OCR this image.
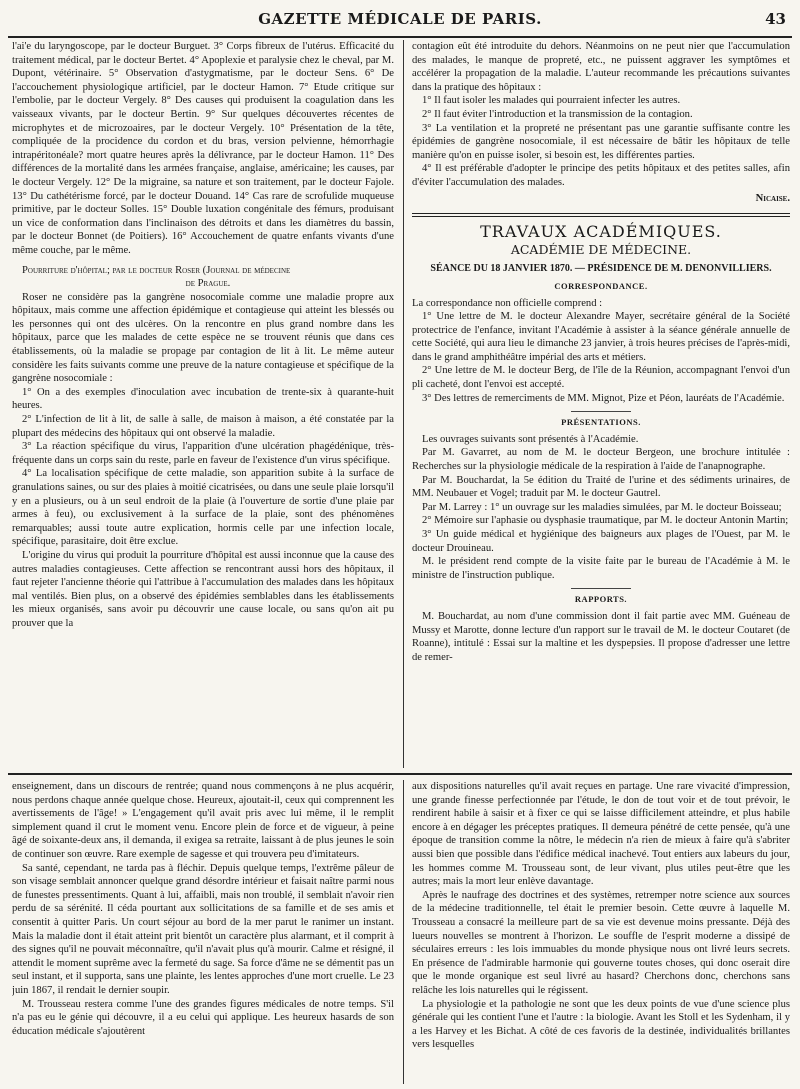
GAZETTE MÉDICALE DE PARIS.	43

l'ai'e du laryngoscope, par le docteur Burguet. 3° Corps fibreux de l'utérus. Efficacité du traitement médical, par le docteur Bertet. 4° Apoplexie et paralysie chez le cheval, par M. Dupont, vétérinaire. 5° Observation d'astygmatisme, par le docteur Sens. 6° De l'accouchement physiologique artificiel, par le docteur Hamon. 7° Etude critique sur l'embolie, par le docteur Vergely. 8° Des causes qui produisent la coagulation dans les vaisseaux vivants, par le docteur Bertin. 9° Sur quelques découvertes récentes de microphytes et de microzoaires, par le docteur Vergely. 10° Présentation de la tête, compliquée de la procidence du cordon et du bras, version pelvienne, hémorrhagie intrapéritonéale? mort quatre heures après la délivrance, par le docteur Hamon. 11° Des différences de la mortalité dans les armées française, anglaise, américaine; les causes, par le docteur Vergely. 12° De la migraine, sa nature et son traitement, par le docteur Fajole. 13° Du cathétérisme forcé, par le docteur Douand. 14° Cas rare de scrofulide muqueuse primitive, par le docteur Solles. 15° Double luxation congénitale des fémurs, produisant un vice de conformation dans l'inclinaison des détroits et dans les diamètres du bassin, par le docteur Bonnet (de Poitiers). 16° Accouchement de quatre enfants vivants d'une même couche, par le même.

Pourriture d'hôpital; par le docteur Roser (Journal de médecine
de Prague.

Roser ne considère pas la gangrène nosocomiale comme une maladie propre aux hôpitaux, mais comme une affection épidémique et contagieuse qui atteint les blessés ou les personnes qui ont des ulcères. On la rencontre en plus grand nombre dans les hôpitaux, parce que les malades de cette espèce ne se trouvent réunis que dans ces établissements, où la maladie se propage par contagion de lit à lit. Le même auteur considère les faits suivants comme une preuve de la nature contagieuse et spécifique de la gangrène nosocomiale :

1° On a des exemples d'inoculation avec incubation de trente-six à quarante-huit heures.

2° L'infection de lit à lit, de salle à salle, de maison à maison, a été constatée par la plupart des médecins des hôpitaux qui ont observé la maladie.

3° La réaction spécifique du virus, l'apparition d'une ulcération phagédénique, très-fréquente dans un corps sain du reste, parle en faveur de l'existence d'un virus spécifique.

4° La localisation spécifique de cette maladie, son apparition subite à la surface de granulations saines, ou sur des plaies à moitié cicatrisées, ou dans une seule plaie lorsqu'il y en a plusieurs, ou à un seul endroit de la plaie (à l'ouverture de sortie d'une plaie par armes à feu), ou exclusivement à la surface de la plaie, sont des phénomènes remarquables; aussi toute autre explication, hormis celle par une infection locale, spécifique, parasitaire, doit être exclue.

L'origine du virus qui produit la pourriture d'hôpital est aussi inconnue que la cause des autres maladies contagieuses. Cette affection se rencontrant aussi hors des hôpitaux, il faut rejeter l'ancienne théorie qui l'attribue à l'accumulation des malades dans les hôpitaux mal ventilés. Bien plus, on a observé des épidémies semblables dans les établissements les mieux organisés, sans avoir pu découvrir une cause locale, ou sans qu'on ait pu prouver que la

contagion eût été introduite du dehors. Néanmoins on ne peut nier que l'accumulation des malades, le manque de propreté, etc., ne puissent aggraver les symptômes et accélérer la propagation de la maladie. L'auteur recommande les précautions suivantes dans la pratique des hôpitaux :

1° Il faut isoler les malades qui pourraient infecter les autres.

2° Il faut éviter l'introduction et la transmission de la contagion.

3° La ventilation et la propreté ne présentant pas une garantie suffisante contre les épidémies de gangrène nosocomiale, il est nécessaire de bâtir les hôpitaux de telle manière qu'on en puisse isoler, si besoin est, les différentes parties.

4° Il est préférable d'adopter le principe des petits hôpitaux et des petites salles, afin d'éviter l'accumulation des malades.

Nicaise.
TRAVAUX ACADÉMIQUES.
ACADÉMIE DE MÉDECINE.
SÉANCE DU 18 JANVIER 1870. — PRÉSIDENCE DE M. DENONVILLIERS.
CORRESPONDANCE.

La correspondance non officielle comprend :

1° Une lettre de M. le docteur Alexandre Mayer, secrétaire général de la Société protectrice de l'enfance, invitant l'Académie à assister à la séance générale annuelle de cette Société, qui aura lieu le dimanche 23 janvier, à trois heures précises de l'après-midi, dans le grand amphithéâtre impérial des arts et métiers.

2° Une lettre de M. le docteur Berg, de l'île de la Réunion, accompagnant l'envoi d'un pli cacheté, dont l'envoi est accepté.

3° Des lettres de remerciments de MM. Mignot, Pize et Péon, lauréats de l'Académie.

PRÉSENTATIONS.

Les ouvrages suivants sont présentés à l'Académie.

Par M. Gavarret, au nom de M. le docteur Bergeon, une brochure intitulée : Recherches sur la physiologie médicale de la respiration à l'aide de l'anapnographe.

Par M. Bouchardat, la 5e édition du Traité de l'urine et des sédiments urinaires, de MM. Neubauer et Vogel; traduit par M. le docteur Gautrel.

Par M. Larrey : 1° un ouvrage sur les maladies simulées, par M. le docteur Boisseau;

2° Mémoire sur l'aphasie ou dysphasie traumatique, par M. le docteur Antonin Martin;

3° Un guide médical et hygiénique des baigneurs aux plages de l'Ouest, par M. le docteur Drouineau.

M. le président rend compte de la visite faite par le bureau de l'Académie à M. le ministre de l'instruction publique.

RAPPORTS.

M. Bouchardat, au nom d'une commission dont il fait partie avec MM. Guéneau de Mussy et Marotte, donne lecture d'un rapport sur le travail de M. le docteur Coutaret (de Roanne), intitulé : Essai sur la maltine et les dyspepsies. Il propose d'adresser une lettre de remer-

enseignement, dans un discours de rentrée; quand nous commençons à ne plus acquérir, nous perdons chaque année quelque chose. Heureux, ajoutait-il, ceux qui comprennent les avertissements de l'âge! » L'engagement qu'il avait pris avec lui même, il le remplit simplement quand il crut le moment venu. Encore plein de force et de vigueur, à peine âgé de soixante-deux ans, il demanda, il exigea sa retraite, laissant à de plus jeunes le soin de continuer son œuvre. Rare exemple de sagesse et qui trouvera peu d'imitateurs.

Sa santé, cependant, ne tarda pas à fléchir. Depuis quelque temps, l'extrême pâleur de son visage semblait annoncer quelque grand désordre intérieur et faisait naître parmi nous de funestes pressentiments. Quant à lui, affaibli, mais non troublé, il semblait n'avoir rien perdu de sa sérénité. Il céda pourtant aux sollicitations de sa famille et de ses amis et consentit à quitter Paris. Un court séjour au bord de la mer parut le ranimer un instant. Mais la maladie dont il était atteint prit bientôt un caractère plus alarmant, et il comprit à des signes qu'il ne pouvait méconnaître, qu'il n'avait plus qu'à mourir. Calme et résigné, il attendit le moment suprême avec la fermeté du sage. Sa force d'âme ne se démentit pas un seul instant, et il supporta, sans une plainte, les lentes approches d'une mort cruelle. Le 23 juin 1867, il rendait le dernier soupir.

M. Trousseau restera comme l'une des grandes figures médicales de notre temps. S'il n'a pas eu le génie qui découvre, il a eu celui qui applique. Les heureux hasards de son éducation médicale s'ajoutèrent

aux dispositions naturelles qu'il avait reçues en partage. Une rare vivacité d'impression, une grande finesse perfectionnée par l'étude, le don de tout voir et de tout prévoir, le rendirent habile à saisir et à fixer ce qui se laisse difficilement atteindre, et plus habile encore à en dégager les préceptes pratiques. Il demeura pénétré de cette pensée, qu'à une époque de transition comme la nôtre, le médecin n'a rien de mieux à faire qu'à s'abriter aussi bien que possible dans l'édifice médical inachevé. Tout entiers aux labeurs du jour, les hommes comme M. Trousseau sont, de leur vivant, plus utiles peut-être que les autres; mais la mort leur enlève davantage.

Après le naufrage des doctrines et des systèmes, retremper notre science aux sources de la médecine traditionnelle, tel était le premier besoin. Cette œuvre à laquelle M. Trousseau a consacré la meilleure part de sa vie est devenue moins pressante. Déjà des lueurs nouvelles se montrent à l'horizon. Le souffle de l'esprit moderne a dissipé de séculaires erreurs : les lois immuables du monde physique nous ont livré leurs secrets. En présence de l'admirable harmonie qui gouverne toutes choses, qui donc oserait dire que le monde organique est seul livré au hasard? Cherchons donc, cherchons sans relâche les lois naturelles qui le régissent.

La physiologie et la pathologie ne sont que les deux points de vue d'une science plus générale qui les contient l'une et l'autre : la biologie. Avant les Stoll et les Sydenham, il y a les Harvey et les Bichat. A côté de ces favoris de la destinée, individualités brillantes vers lesquelles
